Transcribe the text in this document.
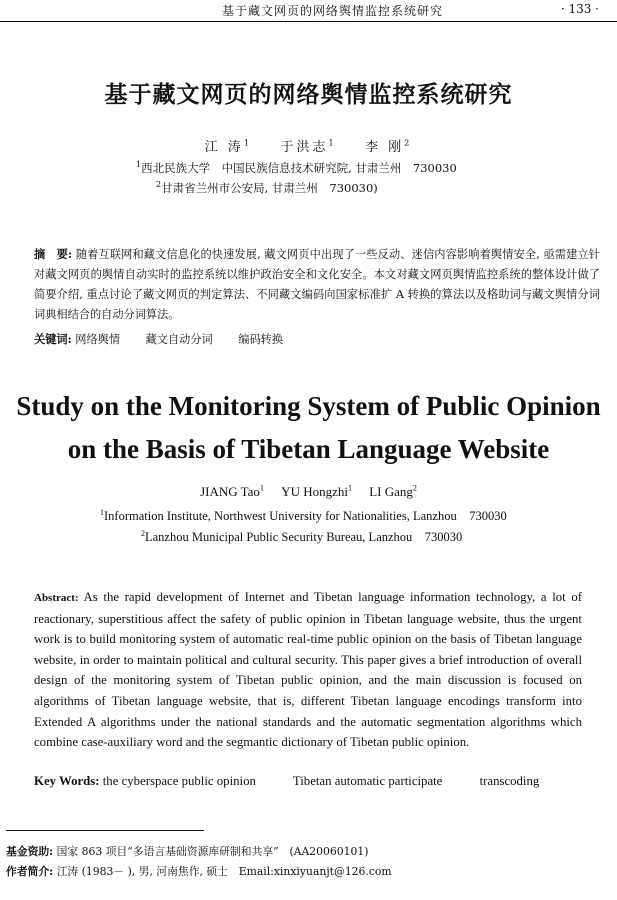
基于藏文网页的网络舆情监控系统研究	· 133 ·
基于藏文网页的网络舆情监控系统研究
江 涛$^1$ 于洪志$^1$ 李 刚$^2$
$^1$西北民族大学　中国民族信息技术研究院, 甘肃兰州　730030
$^2$甘肃省兰州市公安局, 甘肃兰州　730030)
摘　要: 随着互联网和藏文信息化的快速发展, 藏文网页中出现了一些反动、迷信内容影响着舆情安全, 亟需建立针对藏文网页的舆情自动实时的监控系统以维护政治安全和文化安全。本文对藏文网页舆情监控系统的整体设计做了简要介绍, 重点讨论了藏文网页的判定算法、不同藏文编码向国家标准扩 A 转换的算法以及格助词与藏文舆情分词词典相结合的自动分词算法。
关键词: 网络舆情 藏文自动分词 编码转换
Study on the Monitoring System of Public Opinion
on the Basis of Tibetan Language Website
JIANG Tao$^1$ YU Hongzhi$^1$ LI Gang$^2$
$^1$Information Institute, Northwest University for Nationalities, Lanzhou　730030
$^2$Lanzhou Municipal Public Security Bureau, Lanzhou　730030
Abstract: As the rapid development of Internet and Tibetan language information technology, a lot of reactionary, superstitious affect the safety of public opinion in Tibetan language website, thus the urgent work is to build monitoring system of automatic real-time public opinion on the basis of Tibetan language website, in order to maintain political and cultural security. This paper gives a brief introduction of overall design of the monitoring system of Tibetan public opinion, and the main discussion is focused on algorithms of Tibetan language website, that is, different Tibetan language encodings transform into Extended A algorithms under the national standards and the automatic segmentation algorithms which combine case-auxiliary word and the segmantic dictionary of Tibetan public opinion.
Key Words: the cyberspace public opinion	Tibetan automatic participate	transcoding
基金资助: 国家 863 项目“多语言基础资源库研制和共享”　(AA20060101)
作者简介: 江涛 (1983－ ), 男, 河南焦作, 硕士　Email:xinxiyuanjt@126.com
